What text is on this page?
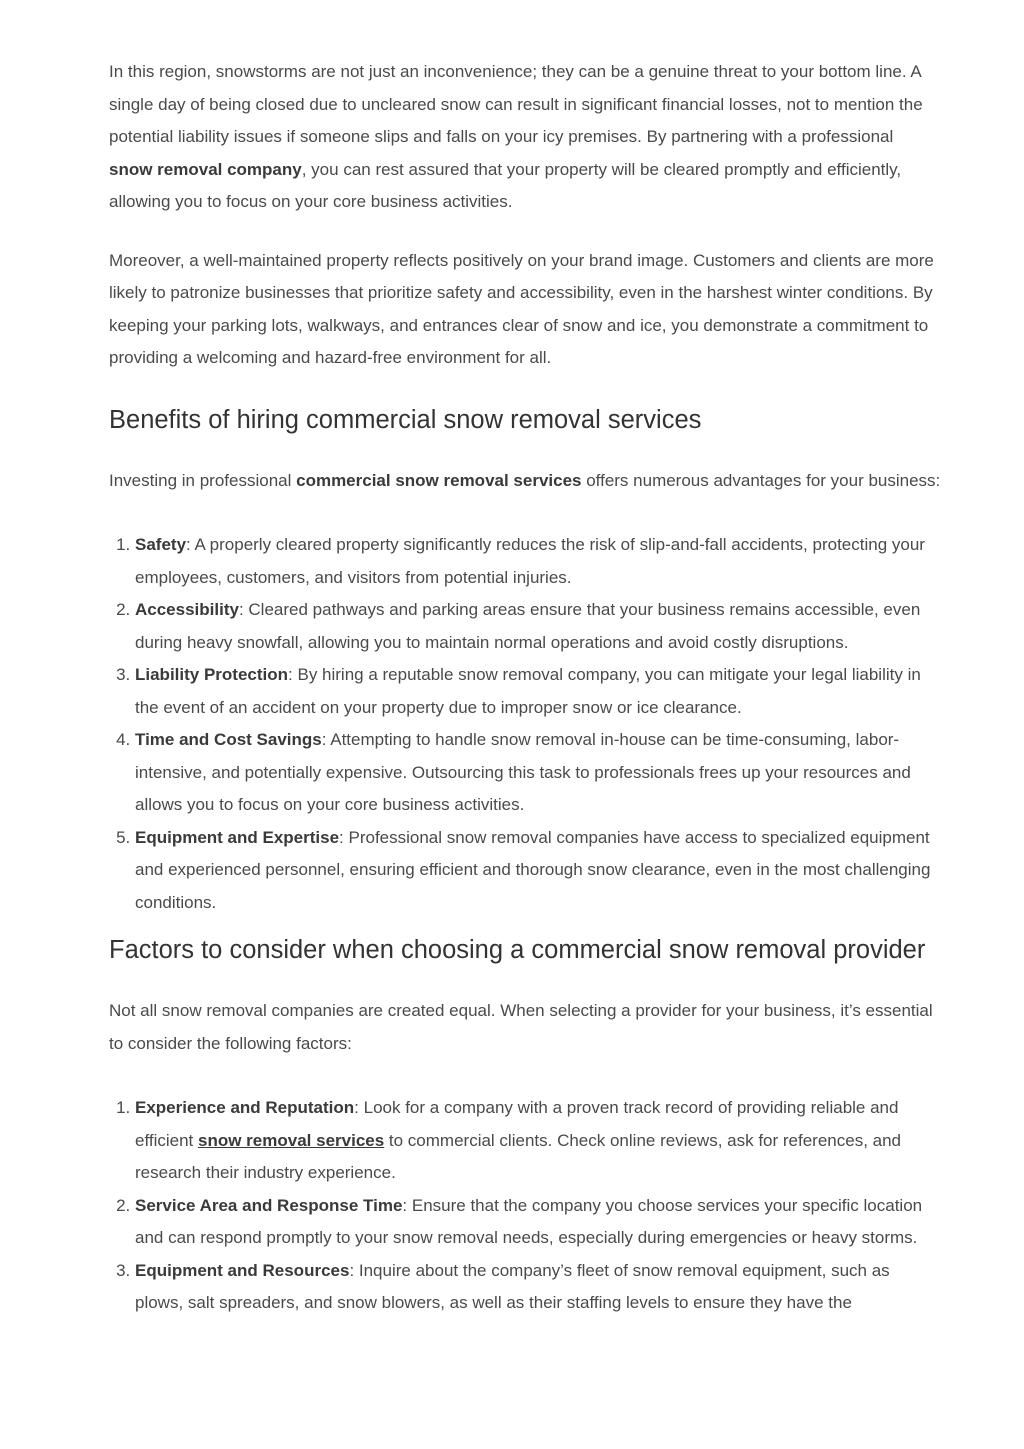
In this region, snowstorms are not just an inconvenience; they can be a genuine threat to your bottom line. A single day of being closed due to uncleared snow can result in significant financial losses, not to mention the potential liability issues if someone slips and falls on your icy premises. By partnering with a professional snow removal company, you can rest assured that your property will be cleared promptly and efficiently, allowing you to focus on your core business activities.

Moreover, a well-maintained property reflects positively on your brand image. Customers and clients are more likely to patronize businesses that prioritize safety and accessibility, even in the harshest winter conditions. By keeping your parking lots, walkways, and entrances clear of snow and ice, you demonstrate a commitment to providing a welcoming and hazard-free environment for all.

Benefits of hiring commercial snow removal services

Investing in professional commercial snow removal services offers numerous advantages for your business:

1. Safety: A properly cleared property significantly reduces the risk of slip-and-fall accidents, protecting your employees, customers, and visitors from potential injuries.
2. Accessibility: Cleared pathways and parking areas ensure that your business remains accessible, even during heavy snowfall, allowing you to maintain normal operations and avoid costly disruptions.
3. Liability Protection: By hiring a reputable snow removal company, you can mitigate your legal liability in the event of an accident on your property due to improper snow or ice clearance.
4. Time and Cost Savings: Attempting to handle snow removal in-house can be time-consuming, labor-intensive, and potentially expensive. Outsourcing this task to professionals frees up your resources and allows you to focus on your core business activities.
5. Equipment and Expertise: Professional snow removal companies have access to specialized equipment and experienced personnel, ensuring efficient and thorough snow clearance, even in the most challenging conditions.
Factors to consider when choosing a commercial snow removal provider

Not all snow removal companies are created equal. When selecting a provider for your business, it’s essential to consider the following factors:

1. Experience and Reputation: Look for a company with a proven track record of providing reliable and efficient snow removal services to commercial clients. Check online reviews, ask for references, and research their industry experience.
2. Service Area and Response Time: Ensure that the company you choose services your specific location and can respond promptly to your snow removal needs, especially during emergencies or heavy storms.
3. Equipment and Resources: Inquire about the company’s fleet of snow removal equipment, such as plows, salt spreaders, and snow blowers, as well as their staffing levels to ensure they have the
